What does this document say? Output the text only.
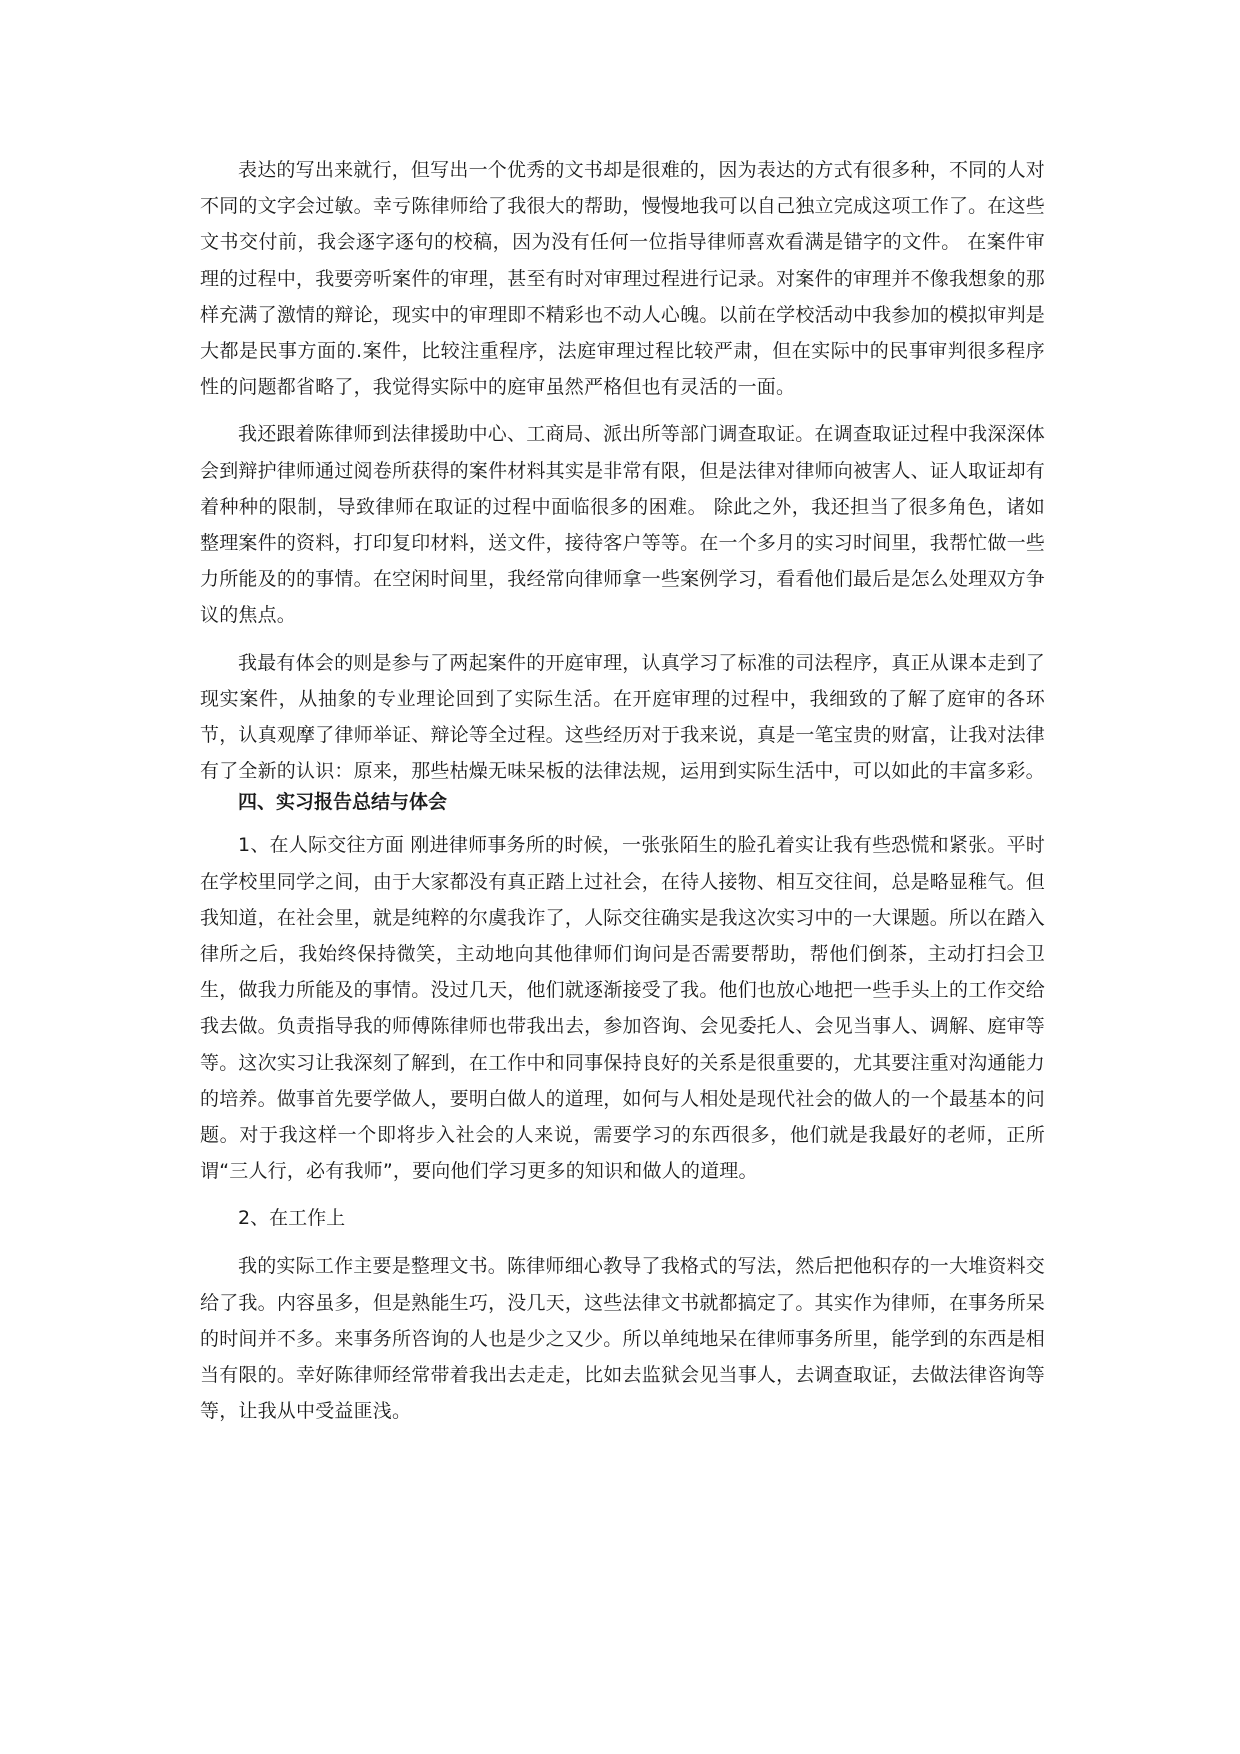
表达的写出来就行，但写出一个优秀的文书却是很难的，因为表达的方式有很多种，不同的人对不同的文字会过敏。幸亏陈律师给了我很大的帮助，慢慢地我可以自己独立完成这项工作了。在这些文书交付前，我会逐字逐句的校稿，因为没有任何一位指导律师喜欢看满是错字的文件。 在案件审理的过程中，我要旁听案件的审理，甚至有时对审理过程进行记录。对案件的审理并不像我想象的那样充满了激情的辩论，现实中的审理即不精彩也不动人心魄。以前在学校活动中我参加的模拟审判是大都是民事方面的.案件，比较注重程序，法庭审理过程比较严肃，但在实际中的民事审判很多程序性的问题都省略了，我觉得实际中的庭审虽然严格但也有灵活的一面。

我还跟着陈律师到法律援助中心、工商局、派出所等部门调查取证。在调查取证过程中我深深体会到辩护律师通过阅卷所获得的案件材料其实是非常有限，但是法律对律师向被害人、证人取证却有着种种的限制，导致律师在取证的过程中面临很多的困难。 除此之外，我还担当了很多角色，诸如整理案件的资料，打印复印材料，送文件，接待客户等等。在一个多月的实习时间里，我帮忙做一些力所能及的的事情。在空闲时间里，我经常向律师拿一些案例学习，看看他们最后是怎么处理双方争议的焦点。

我最有体会的则是参与了两起案件的开庭审理，认真学习了标准的司法程序，真正从课本走到了现实案件，从抽象的专业理论回到了实际生活。在开庭审理的过程中，我细致的了解了庭审的各环节，认真观摩了律师举证、辩论等全过程。这些经历对于我来说，真是一笔宝贵的财富，让我对法律有了全新的认识：原来，那些枯燥无味呆板的法律法规，运用到实际生活中，可以如此的丰富多彩。

四、实习报告总结与体会

1、在人际交往方面 刚进律师事务所的时候，一张张陌生的脸孔着实让我有些恐慌和紧张。平时在学校里同学之间，由于大家都没有真正踏上过社会，在待人接物、相互交往间，总是略显稚气。但我知道，在社会里，就是纯粹的尔虞我诈了，人际交往确实是我这次实习中的一大课题。所以在踏入律所之后，我始终保持微笑，主动地向其他律师们询问是否需要帮助，帮他们倒茶，主动打扫会卫生，做我力所能及的事情。没过几天，他们就逐渐接受了我。他们也放心地把一些手头上的工作交给我去做。负责指导我的师傅陈律师也带我出去，参加咨询、会见委托人、会见当事人、调解、庭审等等。这次实习让我深刻了解到，在工作中和同事保持良好的关系是很重要的，尤其要注重对沟通能力的培养。做事首先要学做人，要明白做人的道理，如何与人相处是现代社会的做人的一个最基本的问题。对于我这样一个即将步入社会的人来说，需要学习的东西很多，他们就是我最好的老师，正所谓“三人行，必有我师”，要向他们学习更多的知识和做人的道理。

2、在工作上

我的实际工作主要是整理文书。陈律师细心教导了我格式的写法，然后把他积存的一大堆资料交给了我。内容虽多，但是熟能生巧，没几天，这些法律文书就都搞定了。其实作为律师，在事务所呆的时间并不多。来事务所咨询的人也是少之又少。所以单纯地呆在律师事务所里，能学到的东西是相当有限的。幸好陈律师经常带着我出去走走，比如去监狱会见当事人，去调查取证，去做法律咨询等等，让我从中受益匪浅。
